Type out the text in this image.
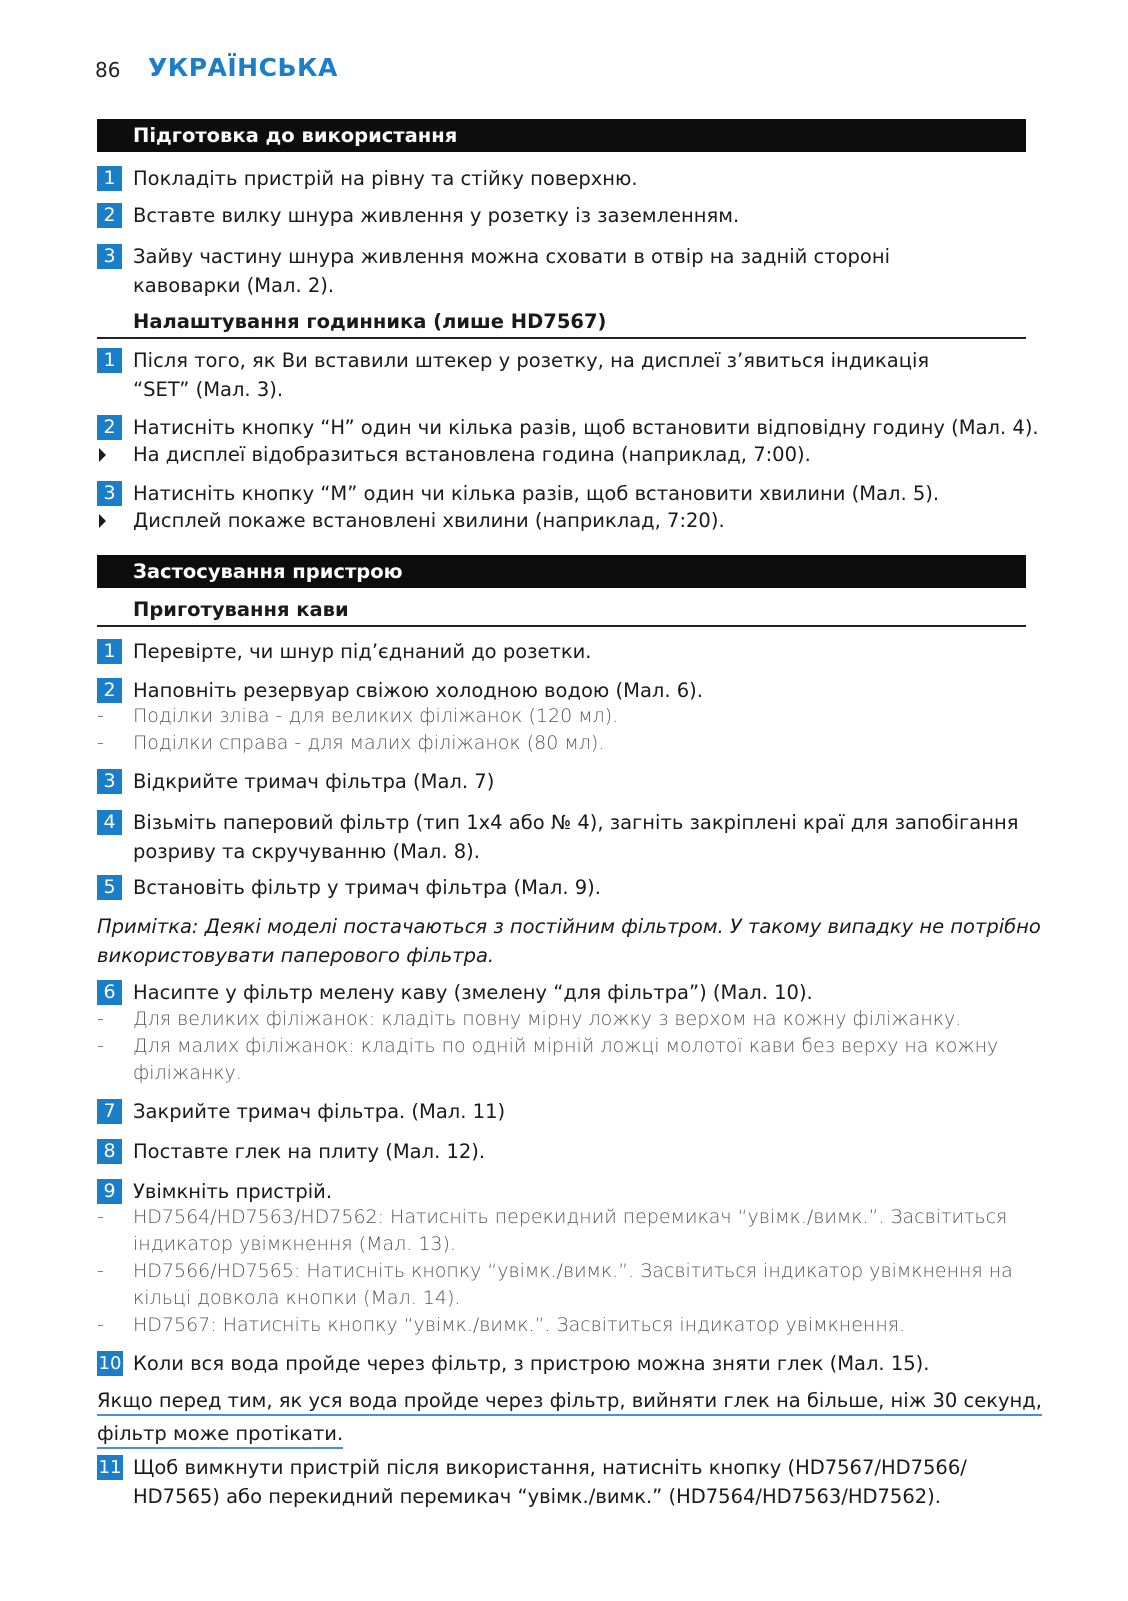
86 УКРАЇНСЬКА
Підготовка до використання
1 Покладіть пристрій на рівну та стійку поверхню.
2 Вставте вилку шнура живлення у розетку із заземленням.
3 Зайву частину шнура живлення можна сховати в отвір на задній стороні
кавоварки (Мал. 2).
Налаштування годинника (лише HD7567)
1 Після того, як Ви вставили штекер у розетку, на дисплеї з’явиться індикація
“SET” (Мал. 3).
2 Натисніть кнопку “H” один чи кілька разів, щоб встановити відповідну годину (Мал. 4).
На дисплеї відобразиться встановлена година (наприклад, 7:00).
3 Натисніть кнопку “M” один чи кілька разів, щоб встановити хвилини (Мал. 5).
Дисплей покаже встановлені хвилини (наприклад, 7:20).
Застосування пристрою
Приготування кави
1 Перевірте, чи шнур під’єднаний до розетки.
2 Наповніть резервуар свіжою холодною водою (Мал. 6).
- Поділки зліва - для великих філіжанок (120 мл).
- Поділки справа - для малих філіжанок (80 мл).
3 Відкрийте тримач фільтра (Мал. 7)
4 Візьміть паперовий фільтр (тип 1x4 або № 4), загніть закріплені краї для запобігання
розриву та скручуванню (Мал. 8).
5 Встановіть фільтр у тримач фільтра (Мал. 9).
Примітка: Деякі моделі постачаються з постійним фільтром. У такому випадку не потрібно
використовувати паперового фільтра.
6 Насипте у фільтр мелену каву (змелену “для фільтра”) (Мал. 10).
- Для великих філіжанок: кладіть повну мірну ложку з верхом на кожну філіжанку.
- Для малих філіжанок: кладіть по одній мірній ложці молотої кави без верху на кожну
філіжанку.
7 Закрийте тримач фільтра. (Мал. 11)
8 Поставте глек на плиту (Мал. 12).
9 Увімкніть пристрій.
- HD7564/HD7563/HD7562: Натисніть перекидний перемикач “увімк./вимк.”. Засвітиться
індикатор увімкнення (Мал. 13).
- HD7566/HD7565: Натисніть кнопку “увімк./вимк.”. Засвітиться індикатор увімкнення на
кільці довкола кнопки (Мал. 14).
- HD7567: Натисніть кнопку “увімк./вимк.”. Засвітиться індикатор увімкнення.
10 Коли вся вода пройде через фільтр, з пристрою можна зняти глек (Мал. 15).
Якщо перед тим, як уся вода пройде через фільтр, вийняти глек на більше, ніж 30 секунд,
фільтр може протікати.
11 Щоб вимкнути пристрій після використання, натисніть кнопку (HD7567/HD7566/
HD7565) або перекидний перемикач “увімк./вимк.” (HD7564/HD7563/HD7562).
